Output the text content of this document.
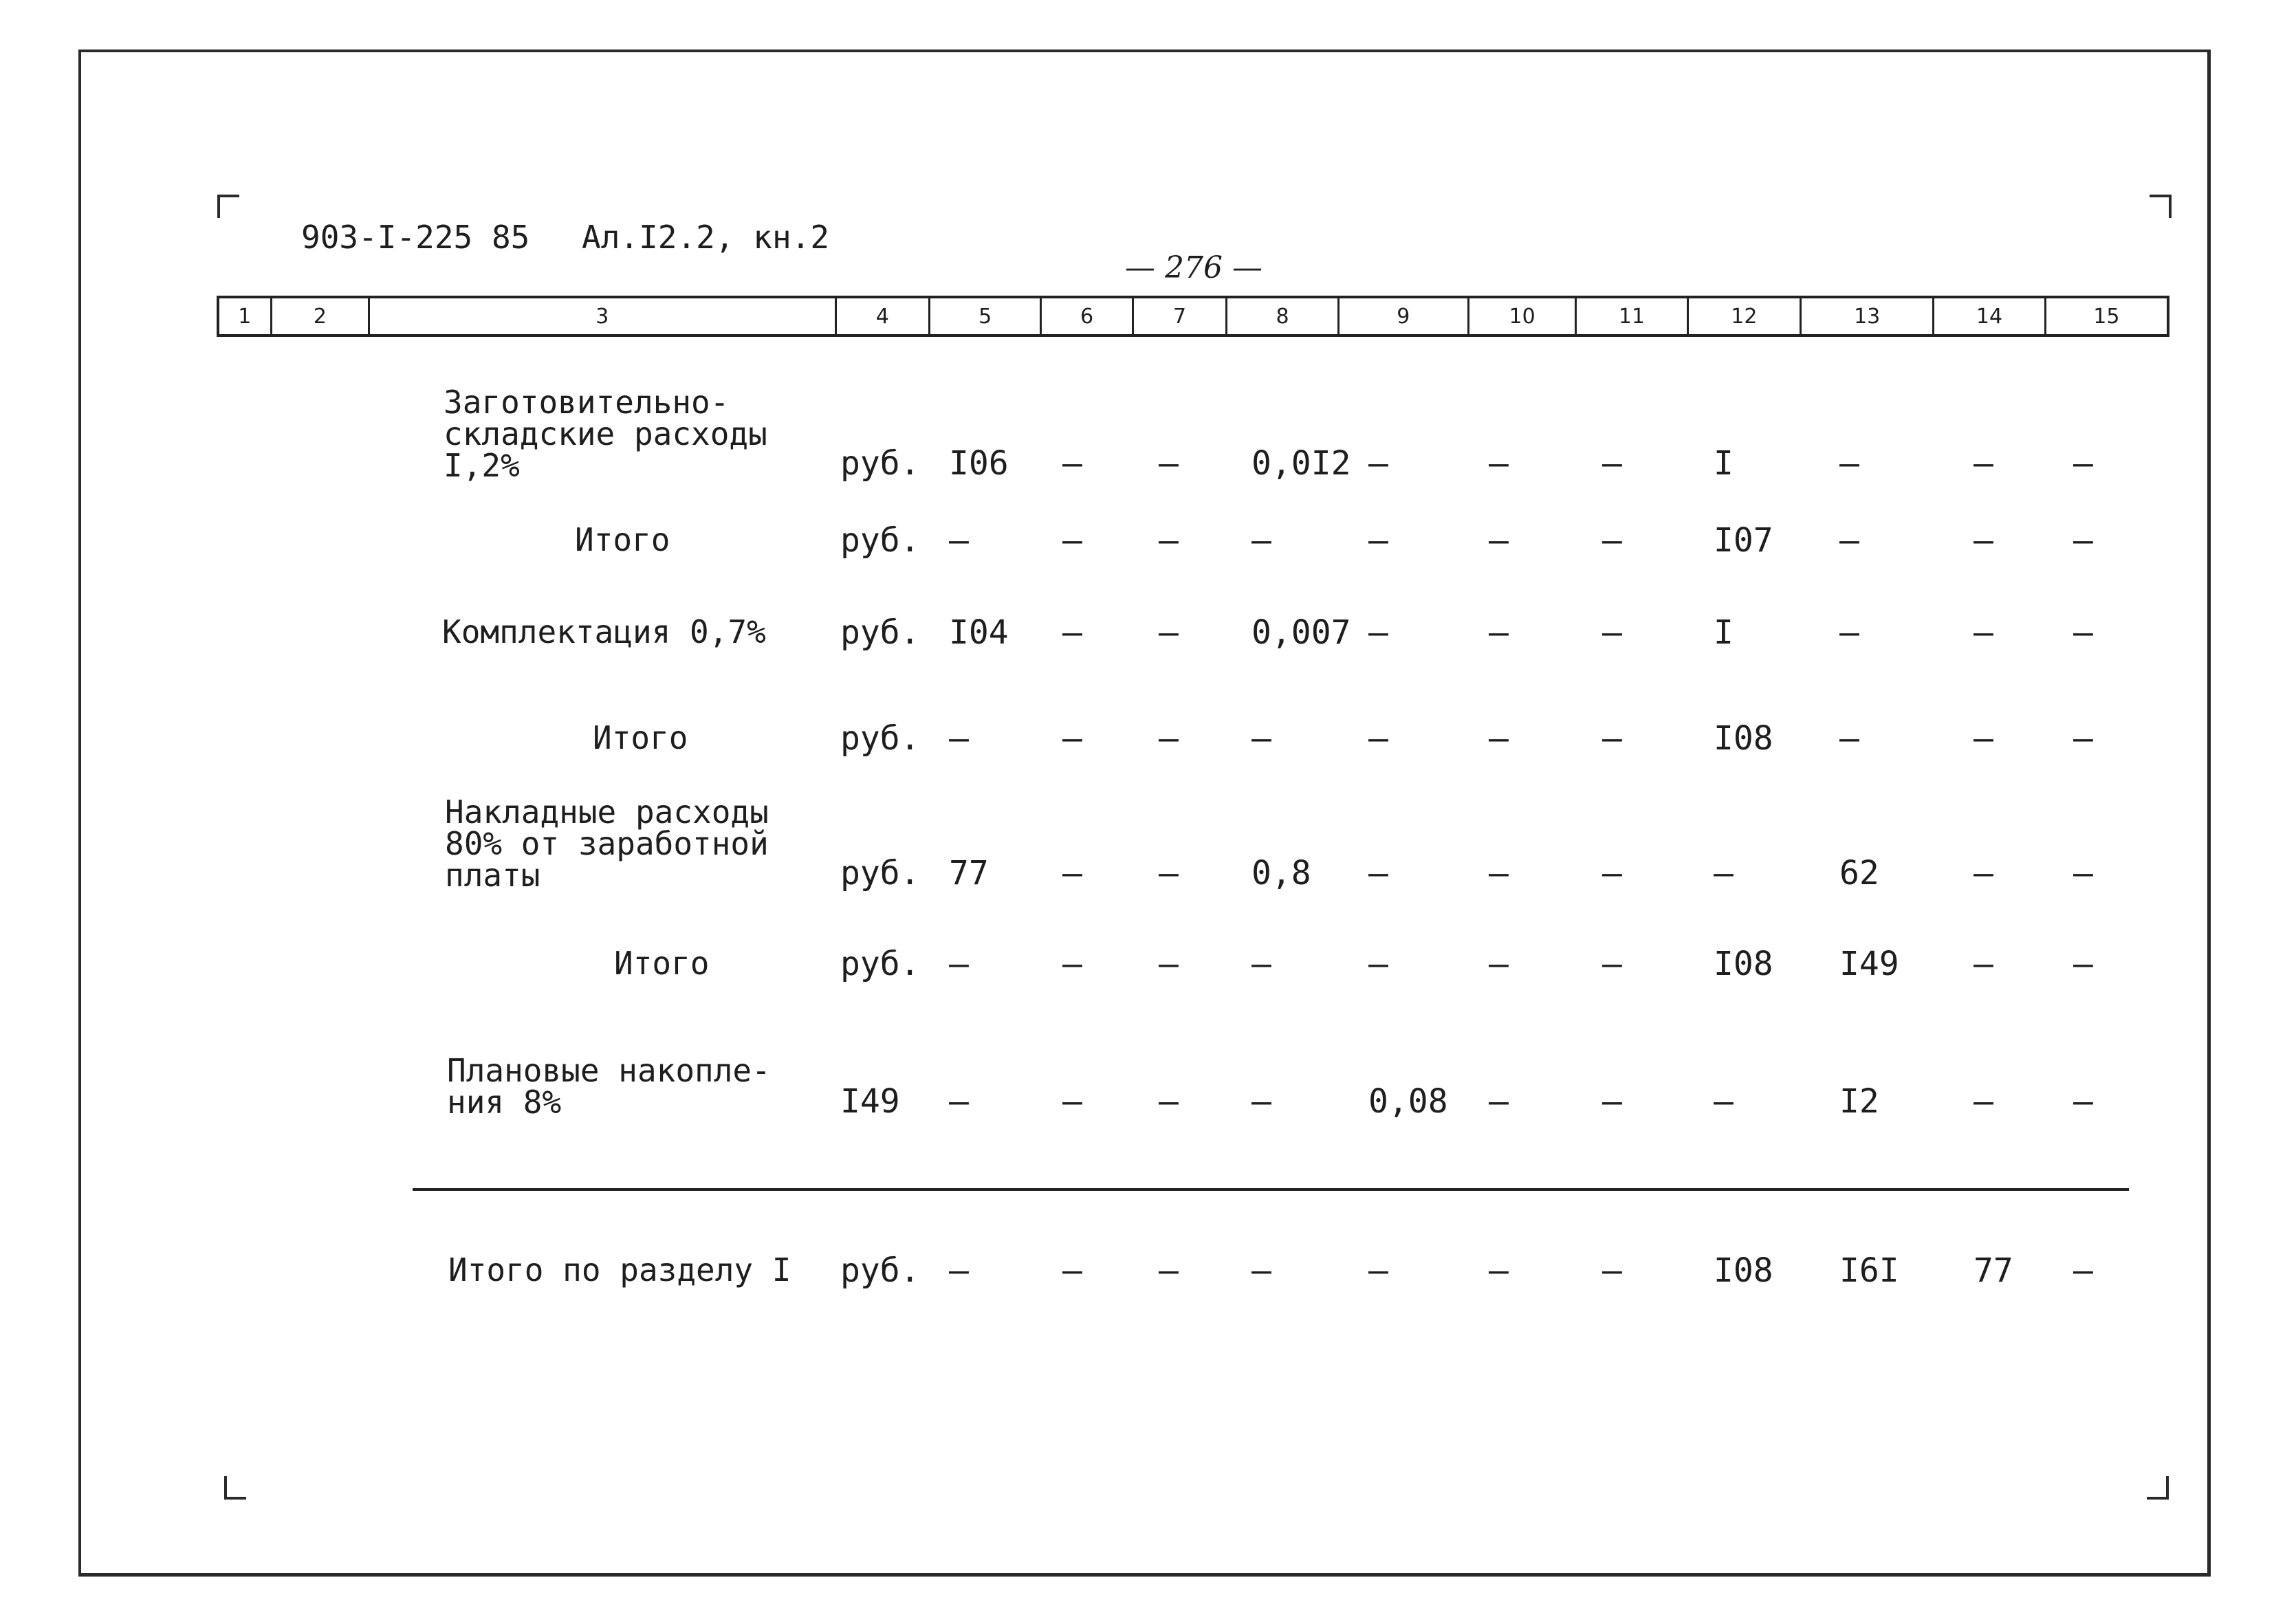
903-I-225 85 Ал.I2.2, кн.2
— 276 —
1	2	3	4	5	6	7	8	9	10	11	12	13	14	15
Заготовительно-
складские расходы
I,2%	руб. I06 – – 0,0I2 –	–	–	I	–	– –
Итого	руб. –	– – –	–	–	–	I07 –	– –
Комплектация 0,7% руб. I04 – – 0,007 –	–	–	I	–	– –
Итого	руб. –	– – –	–	–	–	I08 –	– –
Накладные расходы
80% от заработной
платы	руб. 77 – – 0,8 –	–	–	–	62	– –
Итого	руб. –	– – –	–	–	–	I08 I49 – –
Плановые накопле-
ния 8%	I49 –	– – –	0,08 –	–	–	I2	– –
Итого по разделу I руб. –	– – –	–	–	–	I08 I6I 77 –
